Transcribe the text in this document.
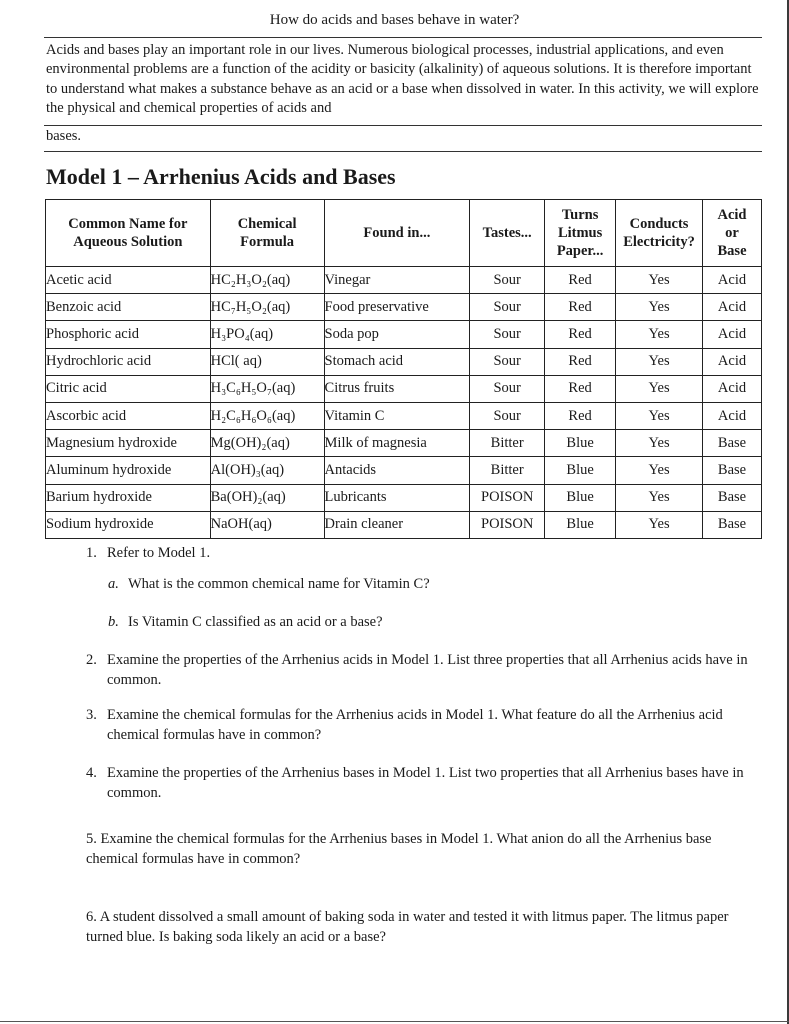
How do acids and bases behave in water?
Acids and bases play an important role in our lives. Numerous biological processes, industrial applications, and even environmental problems are a function of the acidity or basicity (alkalinity) of aqueous solutions. It is therefore important to understand what makes a substance behave as an acid or a base when dissolved in water. In this activity, we will explore the physical and chemical properties of acids and
bases.
Model 1 – Arrhenius Acids and Bases
Common Name for Aqueous Solution	Chemical Formula	Found in...	Tastes...	Turns Litmus Paper...	Conducts Electricity?	Acid or Base
Acetic acid	HC₂H₃O₂(aq)	Vinegar	Sour	Red	Yes	Acid
Benzoic acid	HC₇H₅O₂(aq)	Food preservative	Sour	Red	Yes	Acid
Phosphoric acid	H₃PO₄(aq)	Soda pop	Sour	Red	Yes	Acid
Hydrochloric acid	HCl( aq)	Stomach acid	Sour	Red	Yes	Acid
Citric acid	H₃C₆H₅O₇(aq)	Citrus fruits	Sour	Red	Yes	Acid
Ascorbic acid	H₂C₆H₆O₆(aq)	Vitamin C	Sour	Red	Yes	Acid
Magnesium hydroxide	Mg(OH)₂(aq)	Milk of magnesia	Bitter	Blue	Yes	Base
Aluminum hydroxide	Al(OH)₃(aq)	Antacids	Bitter	Blue	Yes	Base
Barium hydroxide	Ba(OH)₂(aq)	Lubricants	POISON	Blue	Yes	Base
Sodium hydroxide	NaOH(aq)	Drain cleaner	POISON	Blue	Yes	Base
1. Refer to Model 1.
a. What is the common chemical name for Vitamin C?
b. Is Vitamin C classified as an acid or a base?
2. Examine the properties of the Arrhenius acids in Model 1. List three properties that all Arrhenius acids have in common.
3. Examine the chemical formulas for the Arrhenius acids in Model 1. What feature do all the Arrhenius acid chemical formulas have in common?
4. Examine the properties of the Arrhenius bases in Model 1. List two properties that all Arrhenius bases have in common.
5. Examine the chemical formulas for the Arrhenius bases in Model 1. What anion do all the Arrhenius base chemical formulas have in common?
6. A student dissolved a small amount of baking soda in water and tested it with litmus paper. The litmus paper turned blue. Is baking soda likely an acid or a base?
